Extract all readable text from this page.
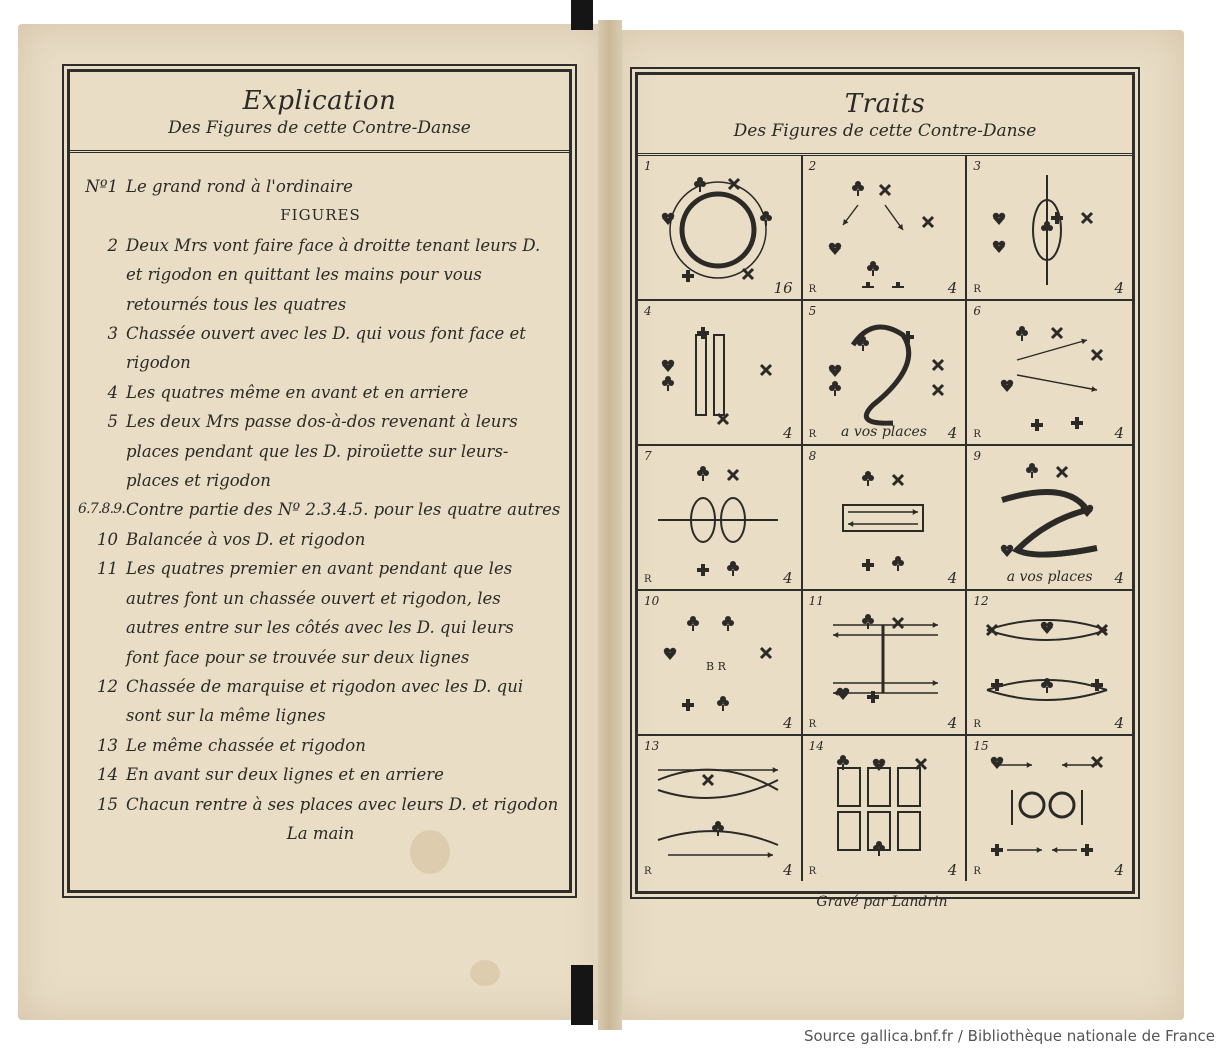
Explication
Des Figures de cette Contre-Danse
Nº1 Le grand rond à l'ordinaire
FIGURES
2 Deux Mrs vont faire face à droitte tenant leurs D.
et rigodon en quittant les mains pour vous
retournés tous les quatres
3 Chassée ouvert avec les D. qui vous font face et
rigodon
4 Les quatres même en avant et en arriere
5 Les deux Mrs passe dos-à-dos revenant à leurs
places pendant que les D. piroüette sur leurs-
places et rigodon
6.7.8.9. Contre partie des Nº 2.3.4.5. pour les quatre autres
10 Balancée à vos D. et rigodon
11 Les quatres premier en avant pendant que les
autres font un chassée ouvert et rigodon, les
autres entre sur les côtés avec les D. qui leurs
font face pour se trouvée sur deux lignes
12 Chassée de marquise et rigodon avec les D. qui
sont sur la même lignes
13 Le même chassée et rigodon
14 En avant sur deux lignes et en arriere
15 Chacun rentre à ses places avec leurs D. et rigodon
La main
Traits
Des Figures de cette Contre-Danse
1
16
2
R	4
3
R	4
4
4
5
R	a vos places	4
6
R	4
7
R	4
8
4
9
a vos places	4
B R
10
4
11
R	4
12
R	4
13
R	4
14
R	4
15
R	4
Gravé par Landrin
Source gallica.bnf.fr / Bibliothèque nationale de France
